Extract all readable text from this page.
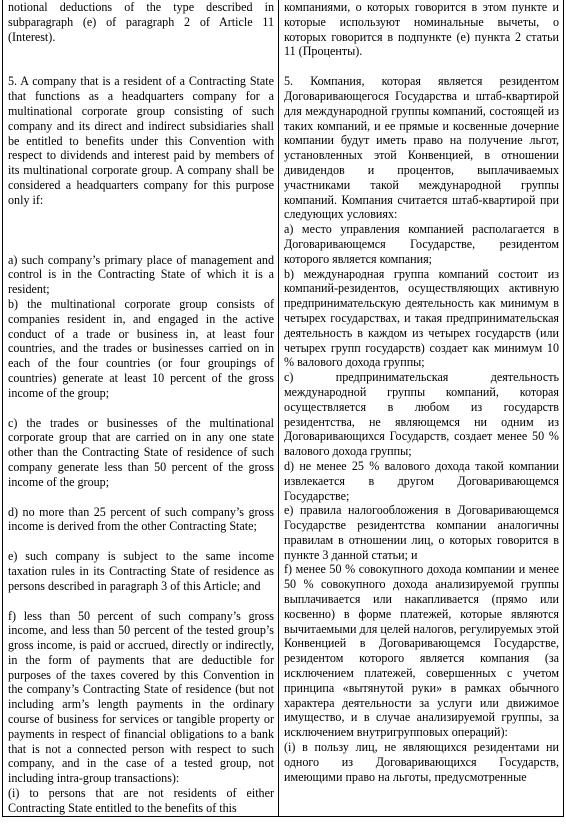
notional deductions of the type described in subparagraph (e) of paragraph 2 of Article 11 (Interest).

5. A company that is a resident of a Contracting State that functions as a headquarters company for a multinational corporate group consisting of such company and its direct and indirect subsidiaries shall be entitled to benefits under this Convention with respect to dividends and interest paid by members of its multinational corporate group. A company shall be considered a headquarters company for this purpose only if:

a) such company’s primary place of management and control is in the Contracting State of which it is a resident;

b) the multinational corporate group consists of companies resident in, and engaged in the active conduct of a trade or business in, at least four countries, and the trades or businesses carried on in each of the four countries (or four groupings of countries) generate at least 10 percent of the gross income of the group;

c) the trades or businesses of the multinational corporate group that are carried on in any one state other than the Contracting State of residence of such company generate less than 50 percent of the gross income of the group;

d) no more than 25 percent of such company’s gross income is derived from the other Contracting State;

e) such company is subject to the same income taxation rules in its Contracting State of residence as persons described in paragraph 3 of this Article; and

f) less than 50 percent of such company’s gross income, and less than 50 percent of the tested group’s gross income, is paid or accrued, directly or indirectly, in the form of payments that are deductible for purposes of the taxes covered by this Convention in the company’s Contracting State of residence (but not including arm’s length payments in the ordinary course of business for services or tangible property or payments in respect of financial obligations to a bank that is not a connected person with respect to such company, and in the case of a tested group, not including intra-group transactions):

(i) to persons that are not residents of either Contracting State entitled to the benefits of this

компаниями, о которых говорится в этом пункте и которые используют номинальные вычеты, о которых говорится в подпункте (е) пункта 2 статьи 11 (Проценты).

5. Компания, которая является резидентом Договаривающегося Государства и штаб-квартирой для международной группы компаний, состоящей из таких компаний, и ее прямые и косвенные дочерние компании будут иметь право на получение льгот, установленных этой Конвенцией, в отношении дивидендов и процентов, выплачиваемых участниками такой международной группы компаний. Компания считается штаб-квартирой при следующих условиях:

а) место управления компанией располагается в Договаривающемся Государстве, резидентом которого является компания;

b) международная группа компаний состоит из компаний-резидентов, осуществляющих активную предпринимательскую деятельность как минимум в четырех государствах, и такая предпринимательская деятельность в каждом из четырех государств (или четырех групп государств) создает как минимум 10 % валового дохода группы;

c) предпринимательская деятельность международной группы компаний, которая осуществляется в любом из государств резидентства, не являющемся ни одним из Договаривающихся Государств, создает менее 50 % валового дохода группы;

d) не менее 25 % валового дохода такой компании извлекается в другом Договаривающемся Государстве;

е) правила налогообложения в Договаривающемся Государстве резидентства компании аналогичны правилам в отношении лиц, о которых говорится в пункте 3 данной статьи; и

f) менее 50 % совокупного дохода компании и менее 50 % совокупного дохода анализируемой группы выплачивается или накапливается (прямо или косвенно) в форме платежей, которые являются вычитаемыми для целей налогов, регулируемых этой Конвенцией в Договаривающемся Государстве, резидентом которого является компания (за исключением платежей, совершенных с учетом принципа «вытянутой руки» в рамках обычного характера деятельности за услуги или движимое имущество, и в случае анализируемой группы, за исключением внутригрупповых операций):

(i) в пользу лиц, не являющихся резидентами ни одного из Договаривающихся Государств, имеющими право на льготы, предусмотренные
